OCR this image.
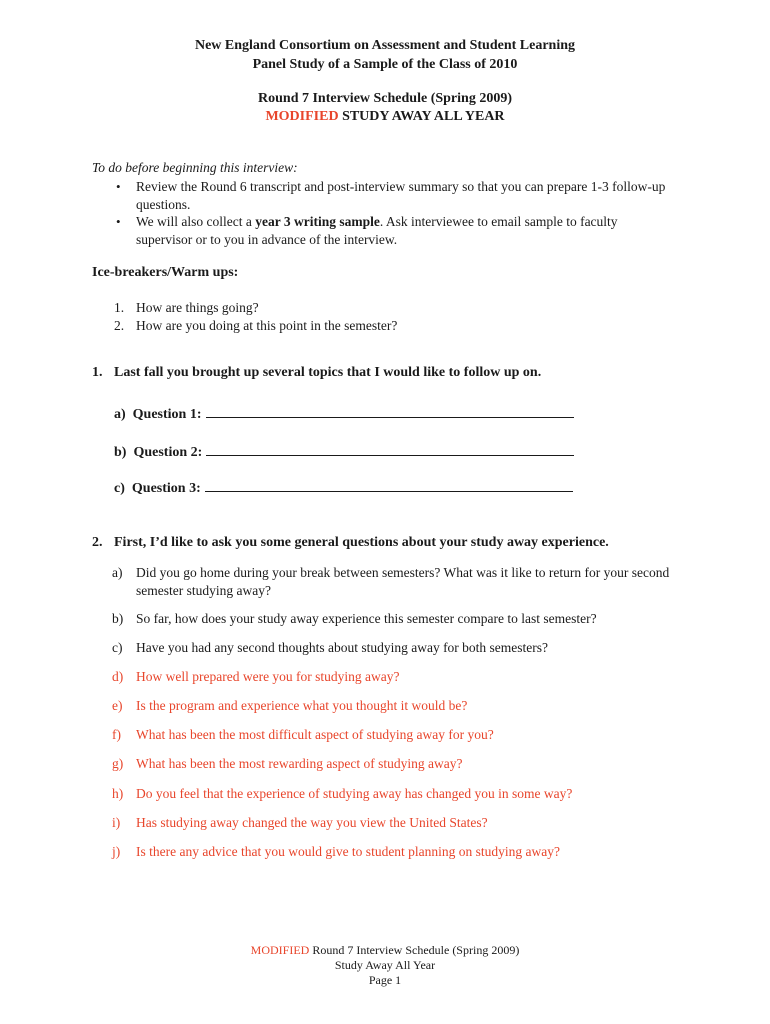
New England Consortium on Assessment and Student Learning
Panel Study of a Sample of the Class of 2010
Round 7 Interview Schedule (Spring 2009)
MODIFIED STUDY AWAY ALL YEAR
To do before beginning this interview:
• Review the Round 6 transcript and post-interview summary so that you can prepare 1-3 follow-up questions.
• We will also collect a year 3 writing sample. Ask interviewee to email sample to faculty supervisor or to you in advance of the interview.
Ice-breakers/Warm ups:
1. How are things going?
2. How are you doing at this point in the semester?
1. Last fall you brought up several topics that I would like to follow up on.
a) Question 1:
b) Question 2:
c) Question 3:
2. First, I’d like to ask you some general questions about your study away experience.
a) Did you go home during your break between semesters? What was it like to return for your second semester studying away?
b) So far, how does your study away experience this semester compare to last semester?
c) Have you had any second thoughts about studying away for both semesters?
d) How well prepared were you for studying away?
e) Is the program and experience what you thought it would be?
f) What has been the most difficult aspect of studying away for you?
g) What has been the most rewarding aspect of studying away?
h) Do you feel that the experience of studying away has changed you in some way?
i) Has studying away changed the way you view the United States?
j) Is there any advice that you would give to student planning on studying away?
MODIFIED Round 7 Interview Schedule (Spring 2009)
Study Away All Year
Page 1
